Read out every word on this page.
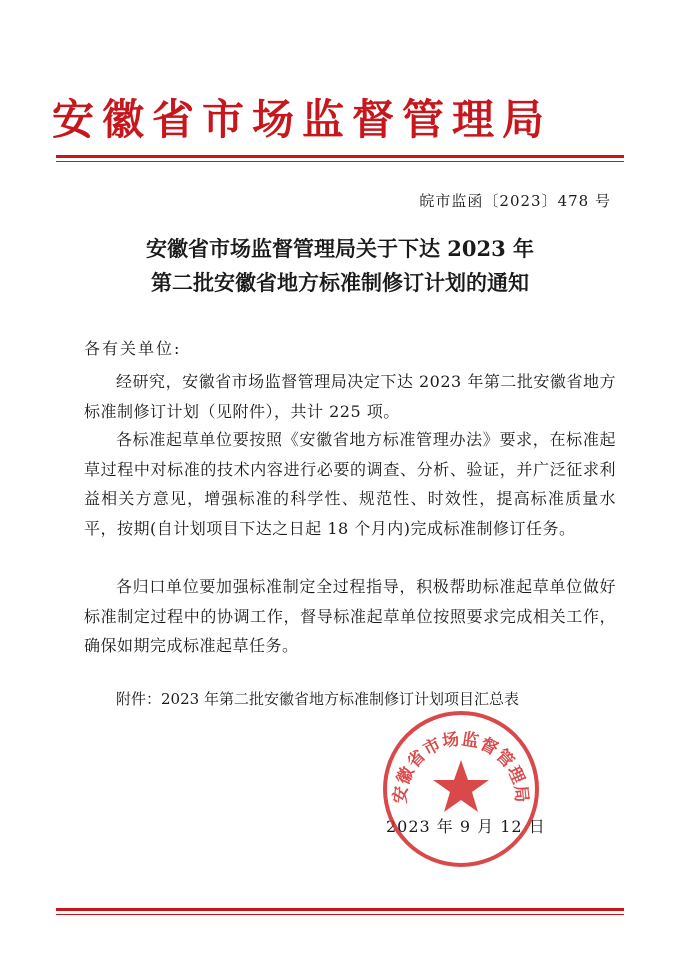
安徽省市场监督管理局
皖市监函〔2023〕478 号
安徽省市场监督管理局关于下达 2023 年
第二批安徽省地方标准制修订计划的通知
各有关单位:

经研究，安徽省市场监督管理局决定下达 2023 年第二批安徽省地方标准制修订计划（见附件），共计 225 项。

各标准起草单位要按照《安徽省地方标准管理办法》要求，在标准起草过程中对标准的技术内容进行必要的调查、分析、验证，并广泛征求利益相关方意见，增强标准的科学性、规范性、时效性，提高标准质量水平，按期(自计划项目下达之日起 18 个月内)完成标准制修订任务。

各归口单位要加强标准制定全过程指导，积极帮助标准起草单位做好标准制定过程中的协调工作，督导标准起草单位按照要求完成相关工作，确保如期完成标准起草任务。

附件：2023 年第二批安徽省地方标准制修订计划项目汇总表
2023 年 9 月 12 日
安徽省市场监督管理局
